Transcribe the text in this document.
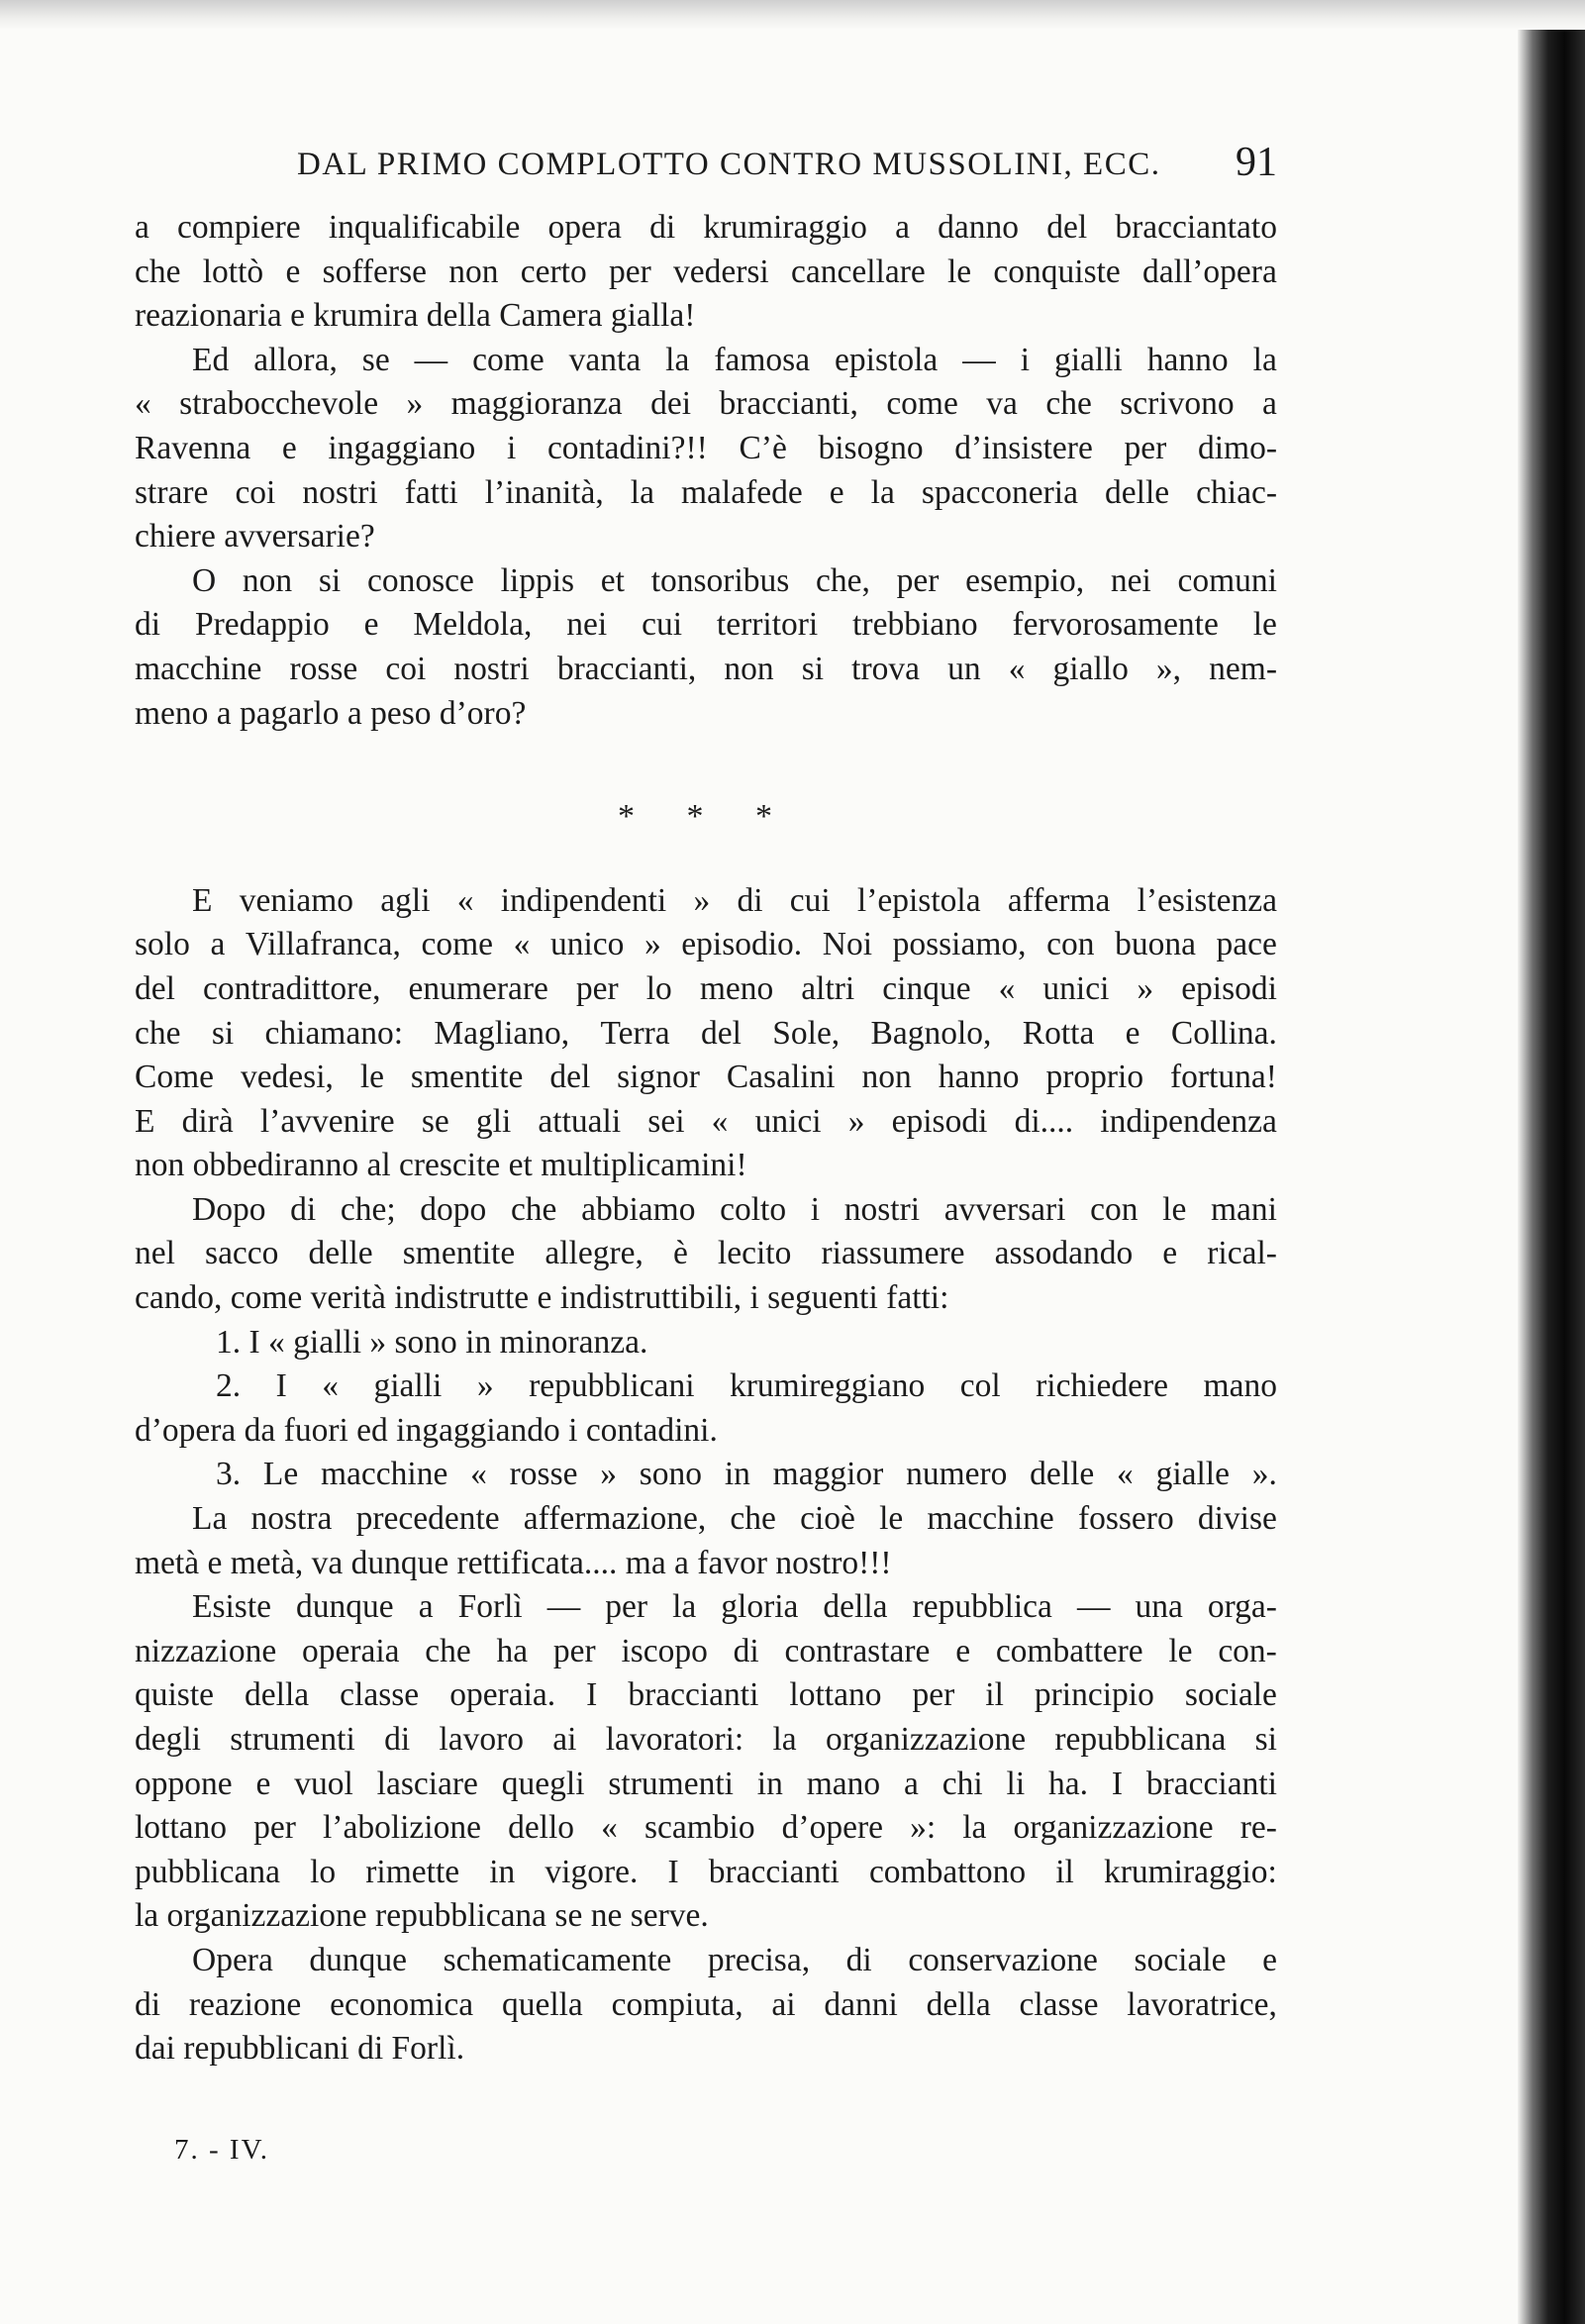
DAL PRIMO COMPLOTTO CONTRO MUSSOLINI, ECC. 91
a compiere inqualificabile opera di krumiraggio a danno del bracciantato
che lottò e sofferse non certo per vedersi cancellare le conquiste dall’opera
reazionaria e krumira della Camera gialla!
Ed allora, se — come vanta la famosa epistola — i gialli hanno la
« strabocchevole » maggioranza dei braccianti, come va che scrivono a
Ravenna e ingaggiano i contadini?!! C’è bisogno d’insistere per dimo-
strare coi nostri fatti l’inanità, la malafede e la spacconeria delle chiac-
chiere avversarie?
O non si conosce lippis et tonsoribus che, per esempio, nei comuni
di Predappio e Meldola, nei cui territori trebbiano fervorosamente le
macchine rosse coi nostri braccianti, non si trova un « giallo », nem-
meno a pagarlo a peso d’oro?
* * *
E veniamo agli « indipendenti » di cui l’epistola afferma l’esistenza
solo a Villafranca, come « unico » episodio. Noi possiamo, con buona pace
del contradittore, enumerare per lo meno altri cinque « unici » episodi
che si chiamano: Magliano, Terra del Sole, Bagnolo, Rotta e Collina.
Come vedesi, le smentite del signor Casalini non hanno proprio fortuna!
E dirà l’avvenire se gli attuali sei « unici » episodi di.... indipendenza
non obbediranno al crescite et multiplicamini!
Dopo di che; dopo che abbiamo colto i nostri avversari con le mani
nel sacco delle smentite allegre, è lecito riassumere assodando e rical-
cando, come verità indistrutte e indistruttibili, i seguenti fatti:
1. I « gialli » sono in minoranza.
2. I « gialli » repubblicani krumireggiano col richiedere mano
d’opera da fuori ed ingaggiando i contadini.
3. Le macchine « rosse » sono in maggior numero delle « gialle ».
La nostra precedente affermazione, che cioè le macchine fossero divise
metà e metà, va dunque rettificata.... ma a favor nostro!!!
Esiste dunque a Forlì — per la gloria della repubblica — una orga-
nizzazione operaia che ha per iscopo di contrastare e combattere le con-
quiste della classe operaia. I braccianti lottano per il principio sociale
degli strumenti di lavoro ai lavoratori: la organizzazione repubblicana si
oppone e vuol lasciare quegli strumenti in mano a chi li ha. I braccianti
lottano per l’abolizione dello « scambio d’opere »: la organizzazione re-
pubblicana lo rimette in vigore. I braccianti combattono il krumiraggio:
la organizzazione repubblicana se ne serve.
Opera dunque schematicamente precisa, di conservazione sociale e
di reazione economica quella compiuta, ai danni della classe lavoratrice,
dai repubblicani di Forlì.
7. - IV.
